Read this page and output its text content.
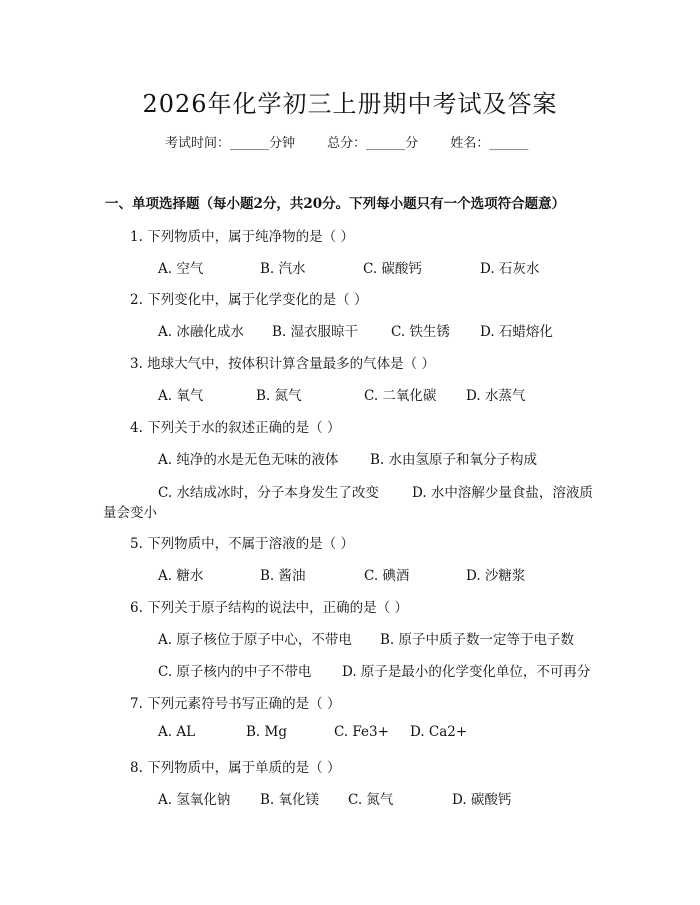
2026年化学初三上册期中考试及答案
考试时间：______分钟 总分：______分 姓名：______
一、单项选择题（每小题2分，共20分。下列每小题只有一个选项符合题意）
1. 下列物质中，属于纯净物的是（ ）
A. 空气	B. 汽水	C. 碳酸钙	D. 石灰水
2. 下列变化中，属于化学变化的是（ ）
A. 冰融化成水 B. 湿衣服晾干 C. 铁生锈 D. 石蜡熔化
3. 地球大气中，按体积计算含量最多的气体是（ ）
A. 氧气	B. 氮气	C. 二氧化碳 D. 水蒸气
4. 下列关于水的叙述正确的是（ ）
A. 纯净的水是无色无味的液体 B. 水由氢原子和氧分子构成
C. 水结成冰时，分子本身发生了改变 D. 水中溶解少量食盐，溶液质
量会变小
5. 下列物质中，不属于溶液的是（ ）
A. 糖水	B. 酱油	C. 碘酒	D. 沙糖浆
6. 下列关于原子结构的说法中，正确的是（ ）
A. 原子核位于原子中心，不带电 B. 原子中质子数一定等于电子数
C. 原子核内的中子不带电 D. 原子是最小的化学变化单位，不可再分
7. 下列元素符号书写正确的是（ ）
A. AL	B. Mg	C. Fe3+ D. Ca2+
8. 下列物质中，属于单质的是（ ）
A. 氢氧化钠 B. 氧化镁 C. 氮气	D. 碳酸钙
